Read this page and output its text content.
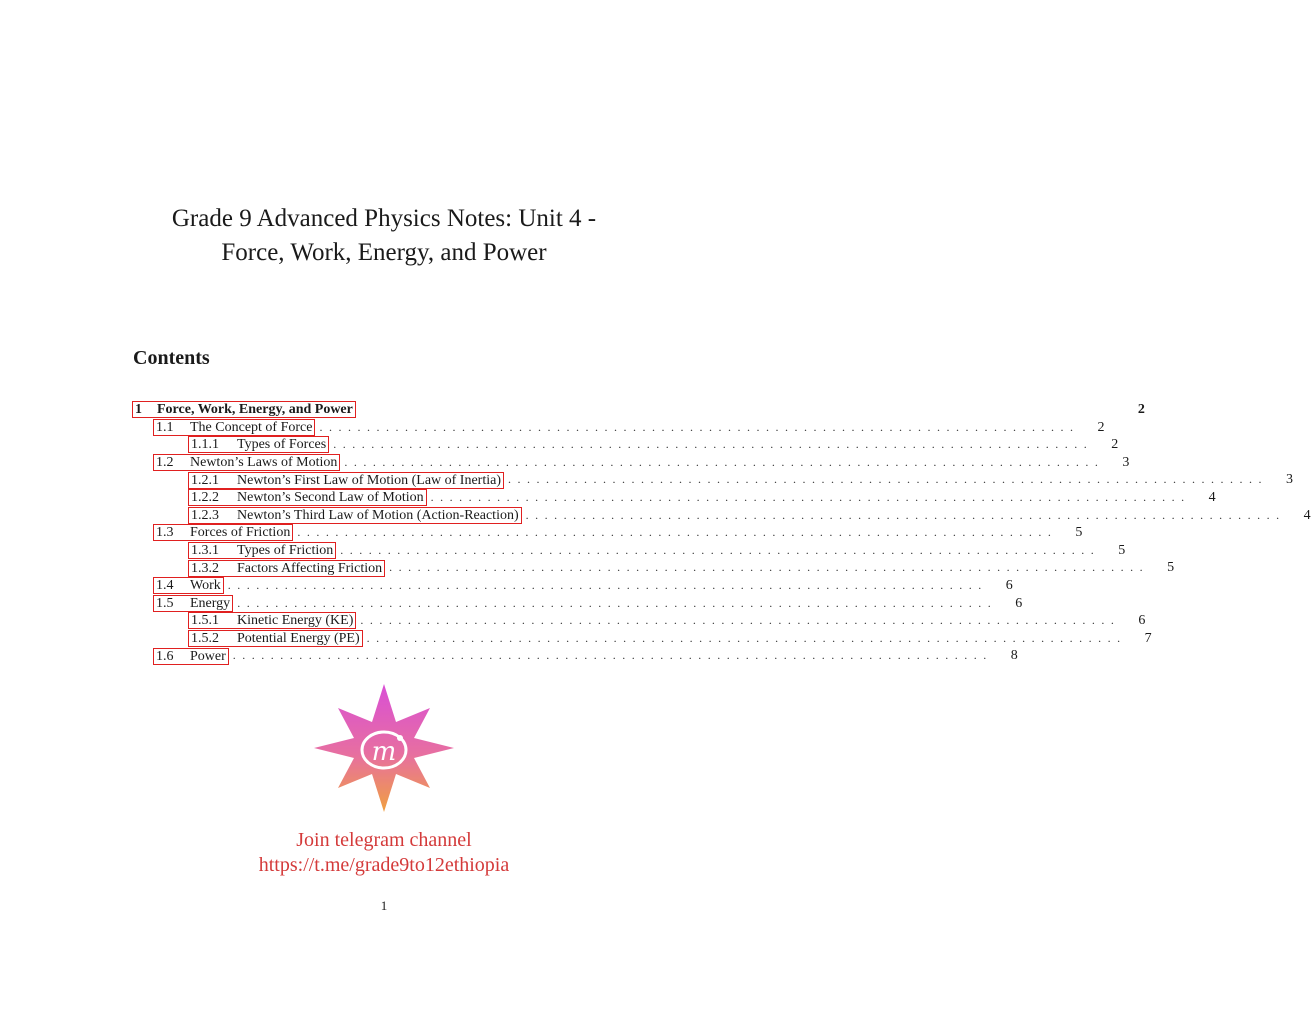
Grade 9 Advanced Physics Notes: Unit 4 -
Force, Work, Energy, and Power
Contents
1	Force, Work, Energy, and Power	2
1.1	The Concept of Force ................................................................................ 2
1.1.1	Types of Forces ................................................................................ 2
1.2	Newton’s Laws of Motion ................................................................................ 3
1.2.1	Newton’s First Law of Motion (Law of Inertia) ................................................................................ 3
1.2.2	Newton’s Second Law of Motion ................................................................................ 4
1.2.3	Newton’s Third Law of Motion (Action-Reaction) ................................................................................ 4
1.3	Forces of Friction ................................................................................ 5
1.3.1	Types of Friction ................................................................................ 5
1.3.2	Factors Affecting Friction ................................................................................ 5
1.4	Work ................................................................................ 6
1.5	Energy ................................................................................ 6
1.5.1	Kinetic Energy (KE) ................................................................................ 6
1.5.2	Potential Energy (PE) ................................................................................ 7
1.6	Power ................................................................................ 8
m
Join telegram channel
https://t.me/grade9to12ethiopia
1
